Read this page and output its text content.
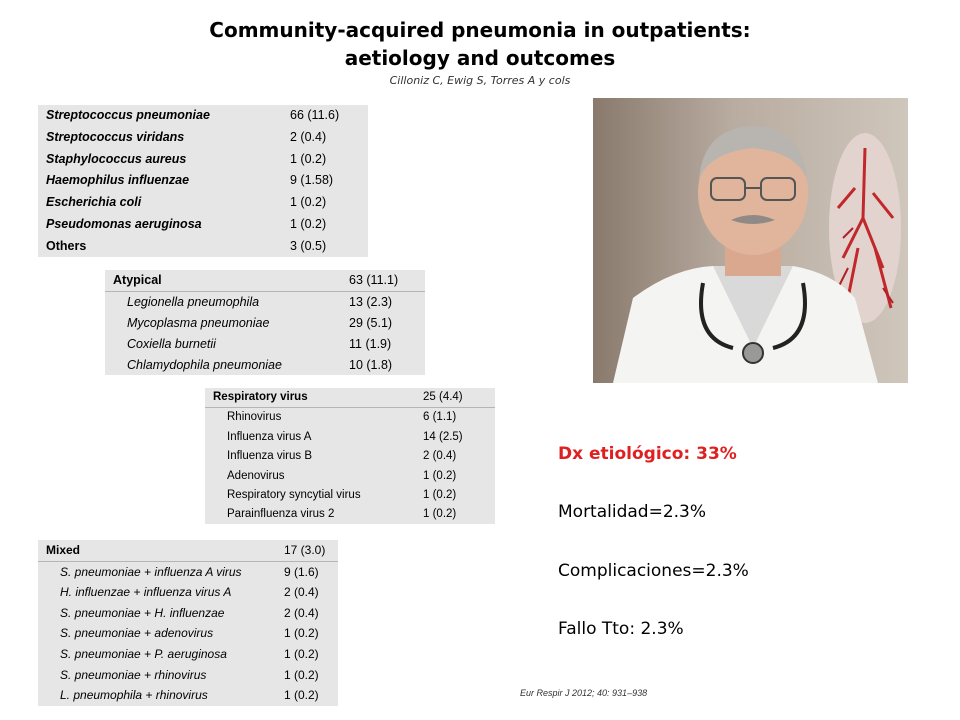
Community-acquired pneumonia in outpatients:
aetiology and outcomes
Cilloniz C, Ewig S, Torres A y cols
Streptococcus pneumoniae	66 (11.6)
Streptococcus viridans	2 (0.4)
Staphylococcus aureus	1 (0.2)
Haemophilus influenzae	9 (1.58)
Escherichia coli	1 (0.2)
Pseudomonas aeruginosa	1 (0.2)
Others	3 (0.5)
Atypical	63 (11.1)
Legionella pneumophila	13 (2.3)
Mycoplasma pneumoniae	29 (5.1)
Coxiella burnetii	11 (1.9)
Chlamydophila pneumoniae	10 (1.8)
Respiratory virus	25 (4.4)
Rhinovirus	6 (1.1)
Influenza virus A	14 (2.5)
Influenza virus B	2 (0.4)
Adenovirus	1 (0.2)
Respiratory syncytial virus	1 (0.2)
Parainfluenza virus 2	1 (0.2)
Mixed	17 (3.0)
S. pneumoniae + influenza A virus	9 (1.6)
H. influenzae + influenza virus A	2 (0.4)
S. pneumoniae + H. influenzae	2 (0.4)
S. pneumoniae + adenovirus	1 (0.2)
S. pneumoniae + P. aeruginosa	1 (0.2)
S. pneumoniae + rhinovirus	1 (0.2)
L. pneumophila + rhinovirus	1 (0.2)
Dx etiológico: 33%
Mortalidad=2.3%
Complicaciones=2.3%
Fallo Tto: 2.3%
Eur Respir J 2012; 40: 931–938
